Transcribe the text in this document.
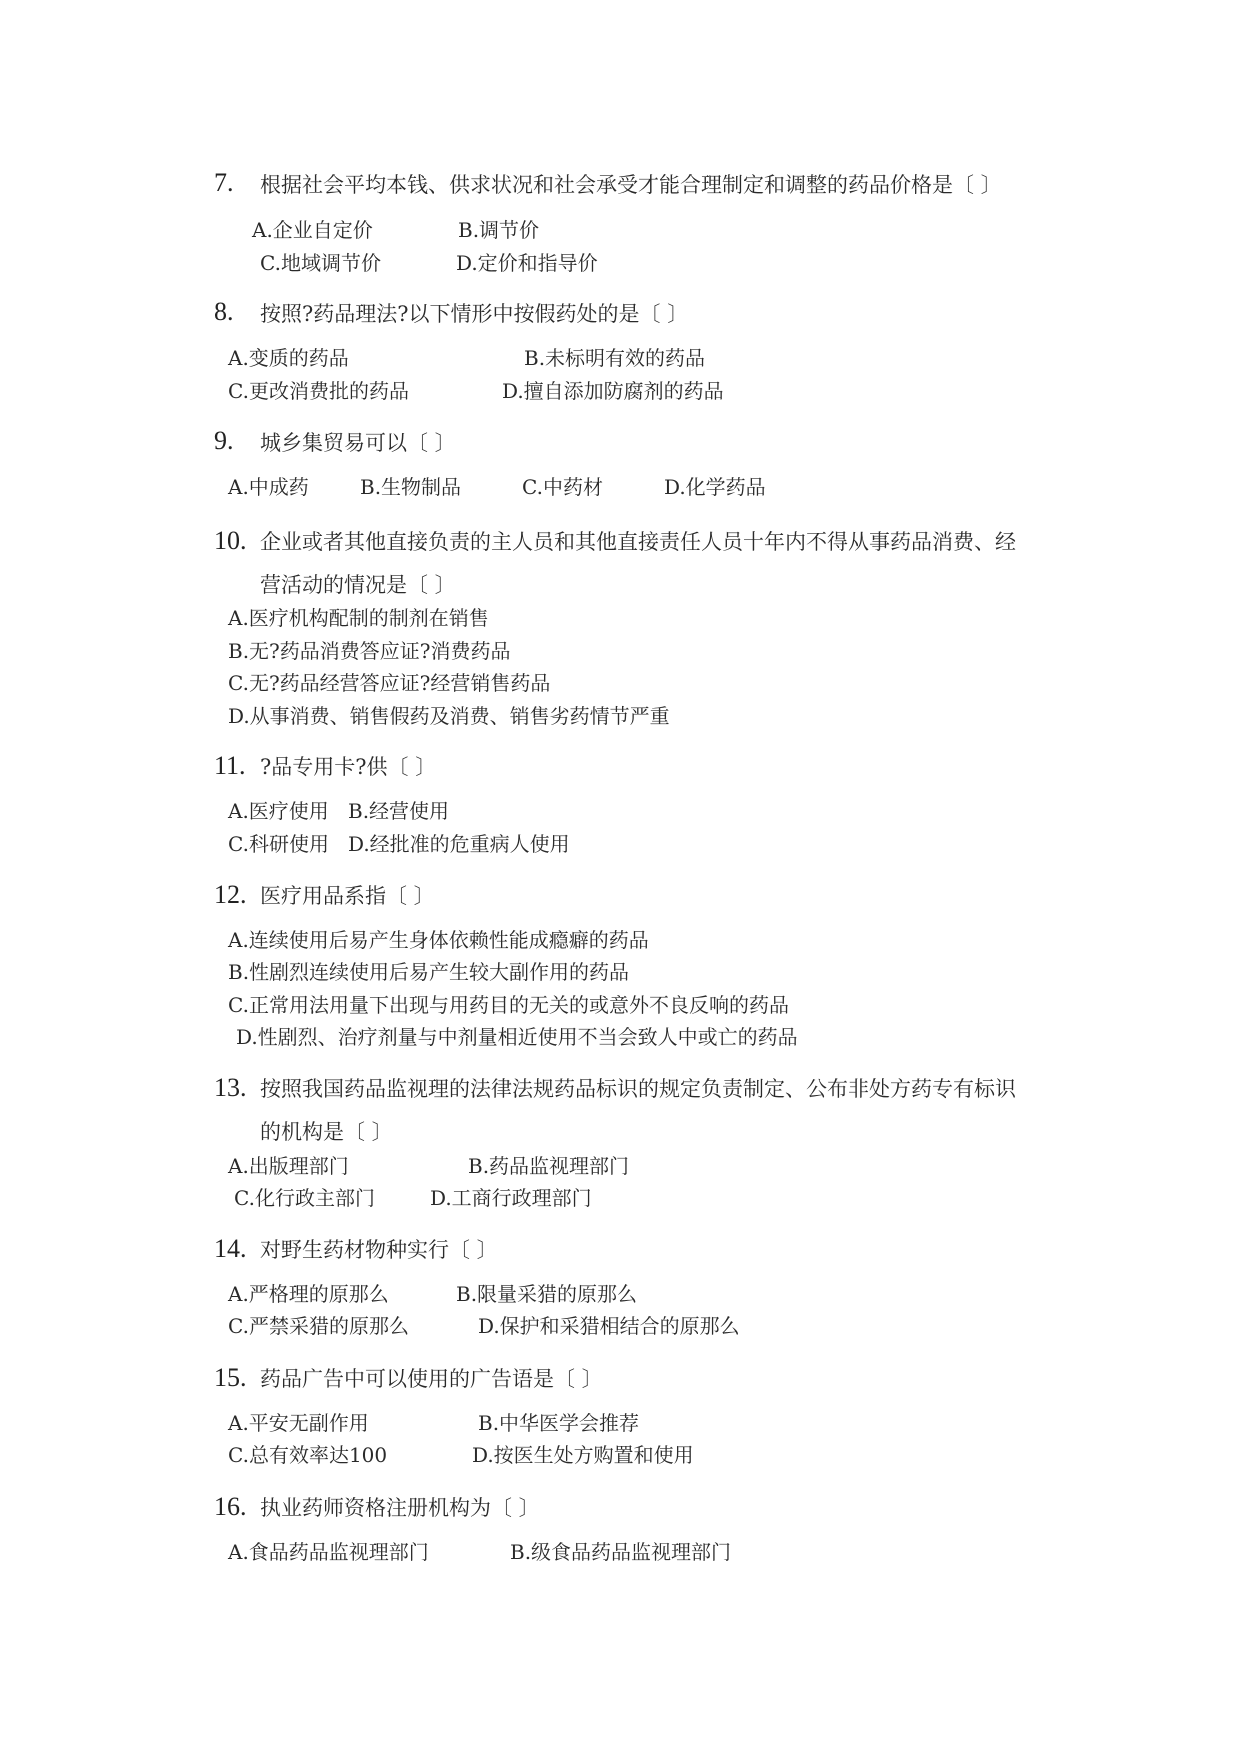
7. 根据社会平均本钱、供求状况和社会承受才能合理制定和调整的药品价格是〔 〕
A.企业自定价	B.调节价
C.地域调节价	D.定价和指导价
8. 按照?药品理法?以下情形中按假药处的是〔 〕
A.变质的药品	B.未标明有效的药品
C.更改消费批的药品	D.擅自添加防腐剂的药品
9. 城乡集贸易可以〔 〕
A.中成药	B.生物制品	C.中药材	D.化学药品
10. 企业或者其他直接负责的主人员和其他直接责任人员十年内不得从事药品消费、经
营活动的情况是〔 〕
A.医疗机构配制的制剂在销售
B.无?药品消费答应证?消费药品
C.无?药品经营答应证?经营销售药品
D.从事消费、销售假药及消费、销售劣药情节严重
11. ?品专用卡?供〔 〕
A.医疗使用 B.经营使用
C.科研使用 D.经批准的危重病人使用
12. 医疗用品系指〔 〕
A.连续使用后易产生身体依赖性能成瘾癖的药品
B.性剧烈连续使用后易产生较大副作用的药品
C.正常用法用量下出现与用药目的无关的或意外不良反响的药品
D.性剧烈、治疗剂量与中剂量相近使用不当会致人中或亡的药品
13. 按照我国药品监视理的法律法规药品标识的规定负责制定、公布非处方药专有标识
的机构是〔 〕
A.出版理部门	B.药品监视理部门
C.化行政主部门	D.工商行政理部门
14. 对野生药材物种实行〔 〕
A.严格理的原那么	B.限量采猎的原那么
C.严禁采猎的原那么	D.保护和采猎相结合的原那么
15. 药品广告中可以使用的广告语是〔 〕
A.平安无副作用	B.中华医学会推荐
C.总有效率达100	D.按医生处方购置和使用
16. 执业药师资格注册机构为〔 〕
A.食品药品监视理部门	B.级食品药品监视理部门
